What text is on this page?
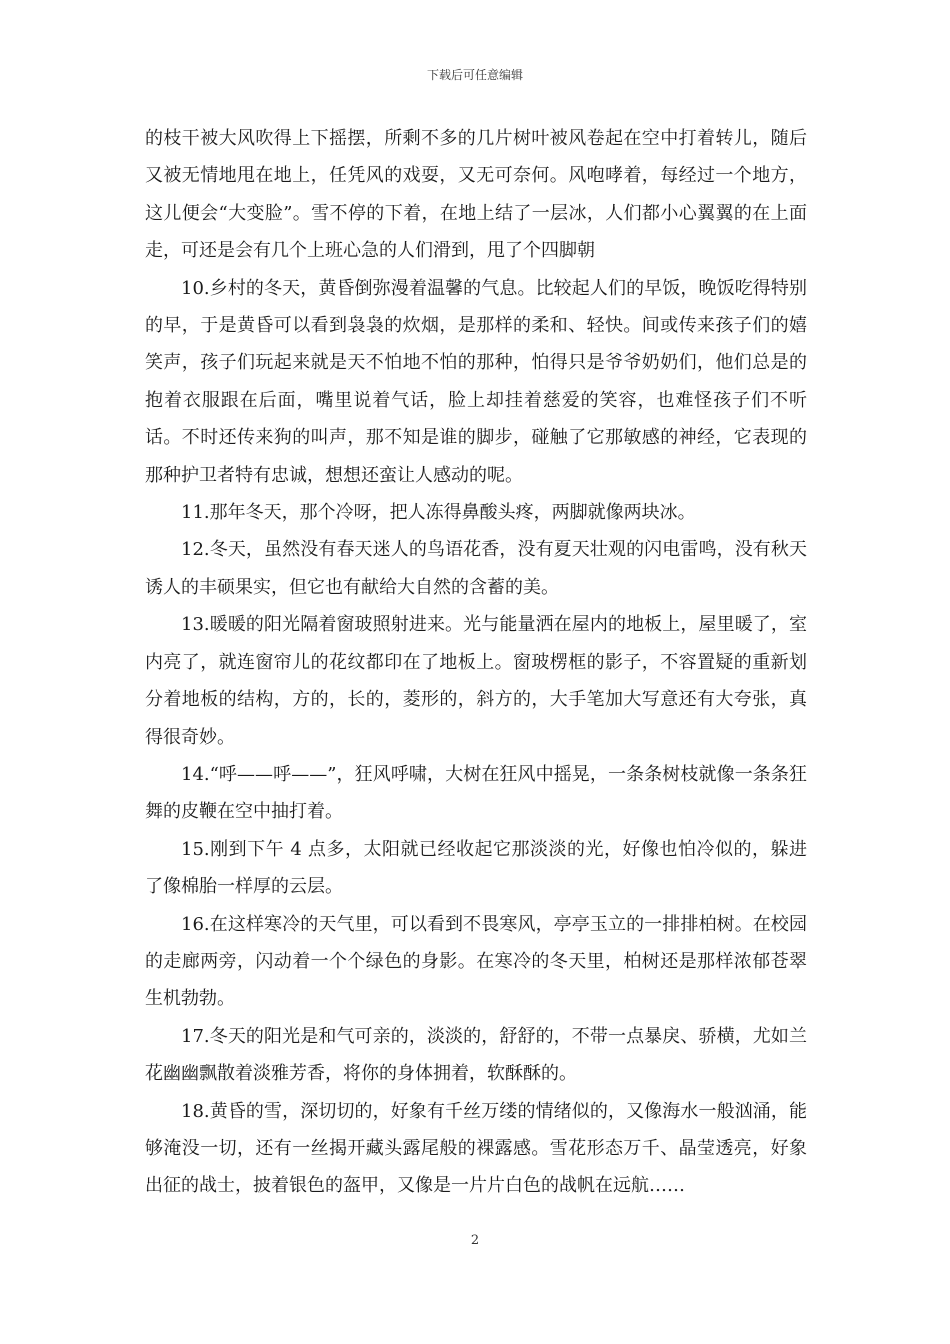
下载后可任意编辑

的枝干被大风吹得上下摇摆，所剩不多的几片树叶被风卷起在空中打着转儿，随后又被无情地甩在地上，任凭风的戏耍，又无可奈何。风咆哮着，每经过一个地方，这儿便会“大变脸”。雪不停的下着，在地上结了一层冰，人们都小心翼翼的在上面走，可还是会有几个上班心急的人们滑到，甩了个四脚朝

10.乡村的冬天，黄昏倒弥漫着温馨的气息。比较起人们的早饭，晚饭吃得特别的早，于是黄昏可以看到袅袅的炊烟，是那样的柔和、轻快。间或传来孩子们的嬉笑声，孩子们玩起来就是天不怕地不怕的那种，怕得只是爷爷奶奶们，他们总是的抱着衣服跟在后面，嘴里说着气话，脸上却挂着慈爱的笑容，也难怪孩子们不听话。不时还传来狗的叫声，那不知是谁的脚步，碰触了它那敏感的神经，它表现的那种护卫者特有忠诚，想想还蛮让人感动的呢。

11.那年冬天，那个冷呀，把人冻得鼻酸头疼，两脚就像两块冰。

12.冬天，虽然没有春天迷人的鸟语花香，没有夏天壮观的闪电雷鸣，没有秋天诱人的丰硕果实，但它也有献给大自然的含蓄的美。

13.暖暖的阳光隔着窗玻照射进来。光与能量洒在屋内的地板上，屋里暖了，室内亮了，就连窗帘儿的花纹都印在了地板上。窗玻楞框的影子，不容置疑的重新划分着地板的结构，方的，长的，菱形的，斜方的，大手笔加大写意还有大夸张，真得很奇妙。

14.“呼——呼——”，狂风呼啸，大树在狂风中摇晃，一条条树枝就像一条条狂舞的皮鞭在空中抽打着。

15.刚到下午 4 点多，太阳就已经收起它那淡淡的光，好像也怕冷似的，躲进了像棉胎一样厚的云层。

16.在这样寒冷的天气里，可以看到不畏寒风，亭亭玉立的一排排柏树。在校园的走廊两旁，闪动着一个个绿色的身影。在寒冷的冬天里，柏树还是那样浓郁苍翠生机勃勃。

17.冬天的阳光是和气可亲的，淡淡的，舒舒的，不带一点暴戾、骄横，尤如兰花幽幽飘散着淡雅芳香，将你的身体拥着，软酥酥的。

18.黄昏的雪，深切切的，好象有千丝万缕的情绪似的，又像海水一般汹涌，能够淹没一切，还有一丝揭开藏头露尾般的裸露感。雪花形态万千、晶莹透亮，好象出征的战士，披着银色的盔甲，又像是一片片白色的战帆在远航……

2
